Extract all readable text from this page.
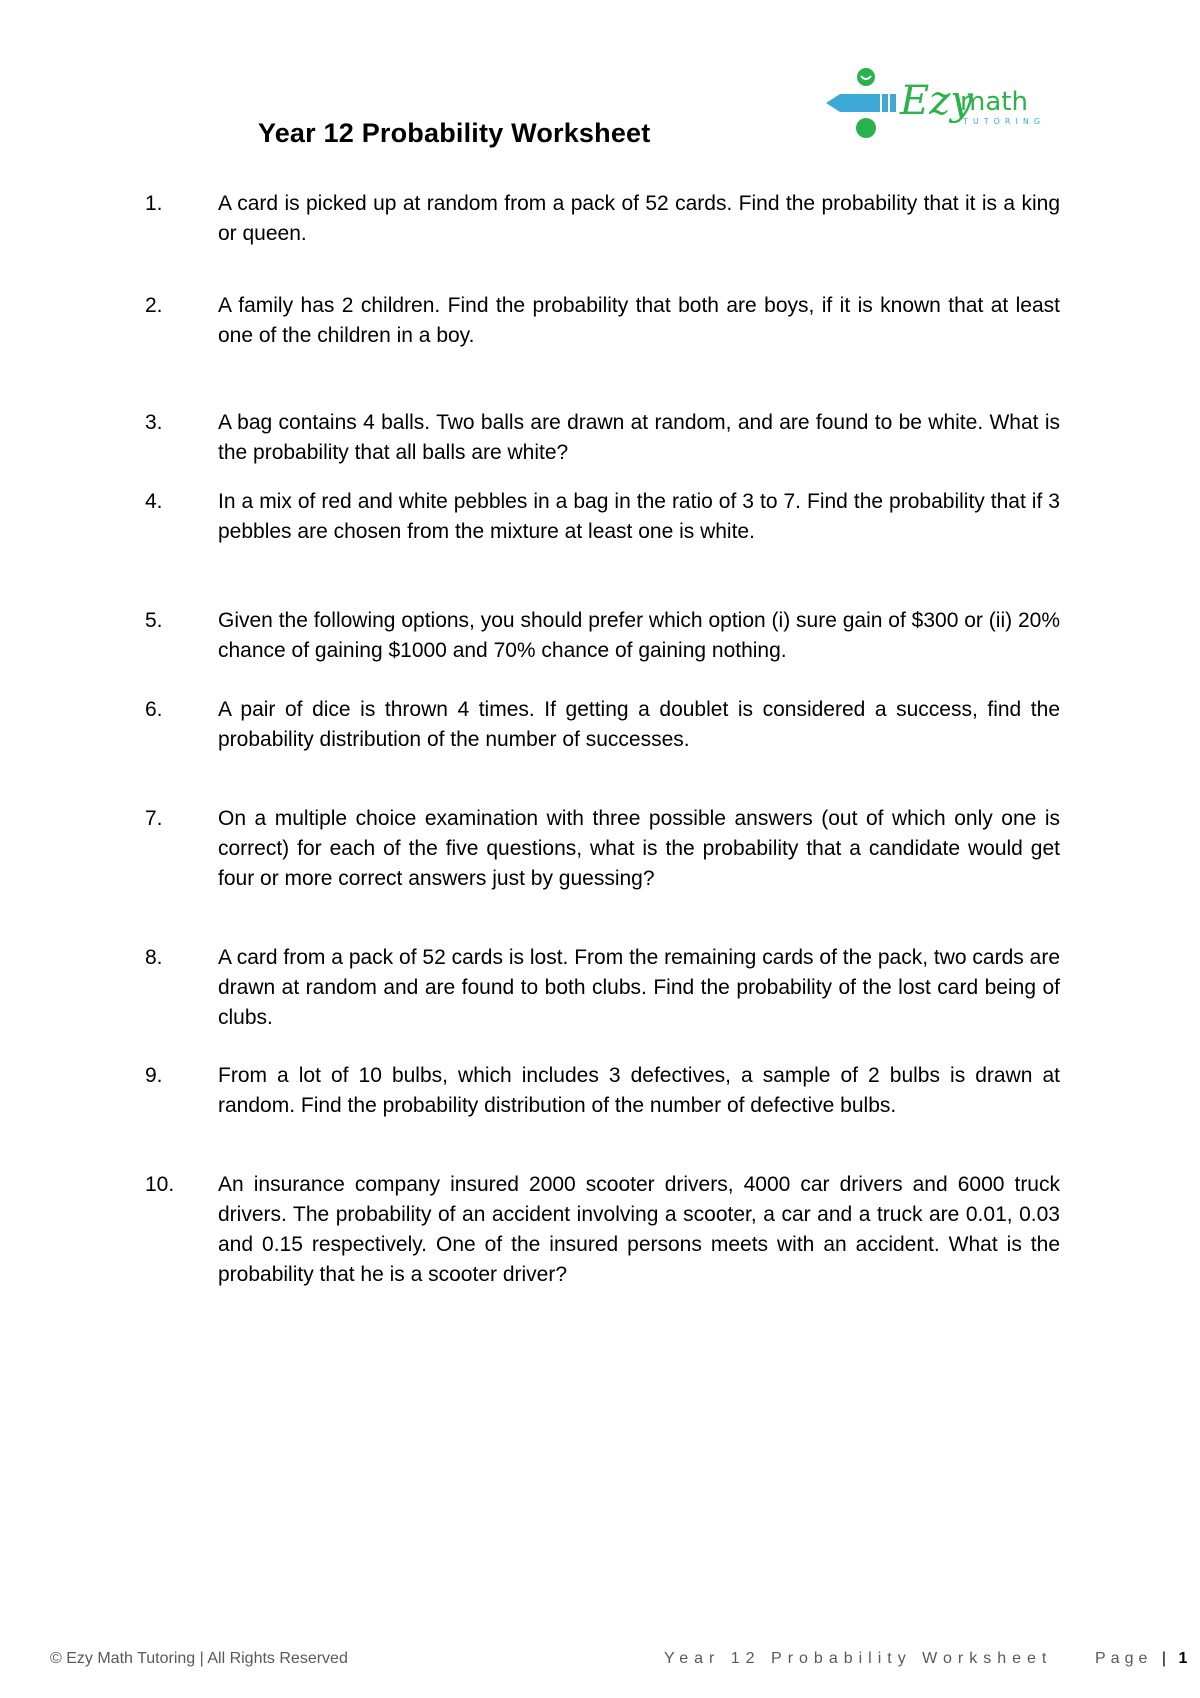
Year 12 Probability Worksheet
Ezy
math
TUTORING
1.	A card is picked up at random from a pack of 52 cards. Find the probability that it is a king or queen.
2.	A family has 2 children. Find the probability that both are boys, if it is known that at least one of the children in a boy.
3.	A bag contains 4 balls. Two balls are drawn at random, and are found to be white. What is the probability that all balls are white?
4.	In a mix of red and white pebbles in a bag in the ratio of 3 to 7. Find the probability that if 3 pebbles are chosen from the mixture at least one is white.
5.	Given the following options, you should prefer which option (i) sure gain of $300 or (ii) 20% chance of gaining $1000 and 70% chance of gaining nothing.
6.	A pair of dice is thrown 4 times. If getting a doublet is considered a success, find the probability distribution of the number of successes.
7.	On a multiple choice examination with three possible answers (out of which only one is correct) for each of the five questions, what is the probability that a candidate would get four or more correct answers just by guessing?
8.	A card from a pack of 52 cards is lost. From the remaining cards of the pack, two cards are drawn at random and are found to both clubs. Find the probability of the lost card being of clubs.
9.	From a lot of 10 bulbs, which includes 3 defectives, a sample of 2 bulbs is drawn at random. Find the probability distribution of the number of defective bulbs.
10. An insurance company insured 2000 scooter drivers, 4000 car drivers and 6000 truck drivers. The probability of an accident involving a scooter, a car and a truck are 0.01, 0.03 and 0.15 respectively. One of the insured persons meets with an accident. What is the probability that he is a scooter driver?
© Ezy Math Tutoring | All Rights Reserved	Year 12 Probability Worksheet	Page | 1
